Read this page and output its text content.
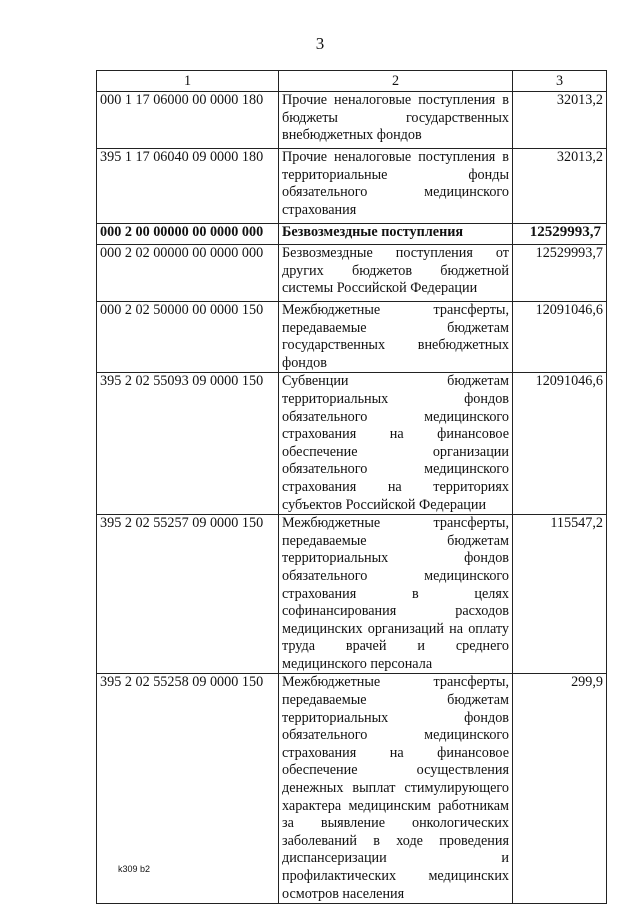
3
1	2	3
000 1 17 06000 00 0000 180	Прочие неналоговые поступления в бюджеты государственных внебюджетных фондов	32013,2
395 1 17 06040 09 0000 180	Прочие неналоговые поступления в территориальные фонды обязательного медицинского страхования	32013,2
000 2 00 00000 00 0000 000	Безвозмездные поступления	12529993,7
000 2 02 00000 00 0000 000	Безвозмездные поступления от других бюджетов бюджетной системы Российской Федерации	12529993,7
000 2 02 50000 00 0000 150	Межбюджетные трансферты, передаваемые бюджетам государственных внебюджетных фондов	12091046,6
395 2 02 55093 09 0000 150	Субвенции бюджетам территориальных фондов обязательного медицинского страхования на финансовое обеспечение организации обязательного медицинского страхования на территориях субъектов Российской Федерации	12091046,6
395 2 02 55257 09 0000 150	Межбюджетные трансферты, передаваемые бюджетам территориальных фондов обязательного медицинского страхования в целях софинансирования расходов медицинских организаций на оплату труда врачей и среднего медицинского персонала	115547,2
395 2 02 55258 09 0000 150	Межбюджетные трансферты, передаваемые бюджетам территориальных фондов обязательного медицинского страхования на финансовое обеспечение осуществления денежных выплат стимулирующего характера медицинским работникам за выявление онкологических заболеваний в ходе проведения диспансеризации и профилактических медицинских осмотров населения	299,9
k309 b2
